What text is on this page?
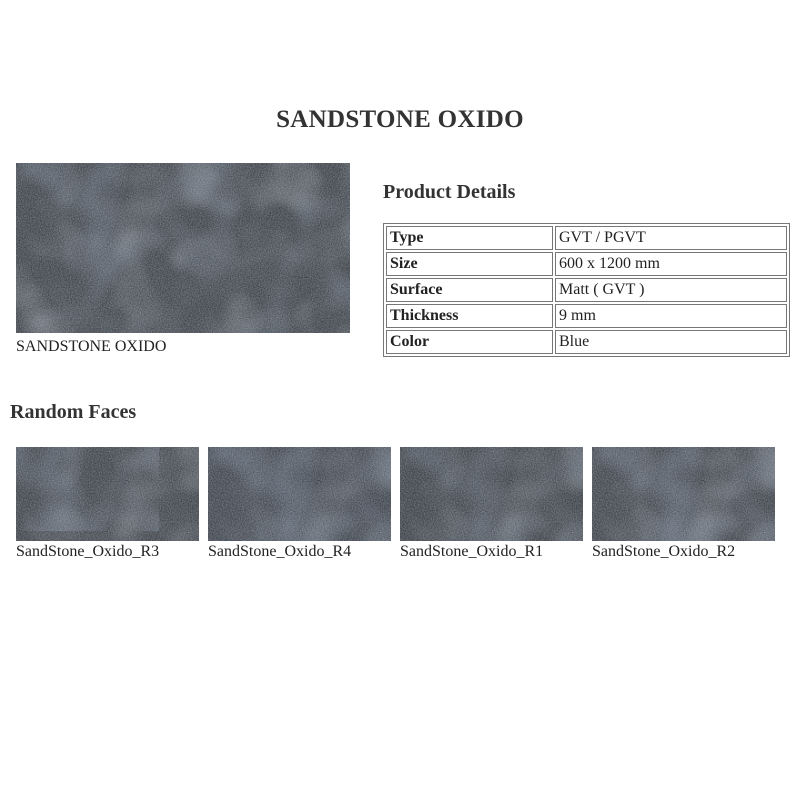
SANDSTONE OXIDO
SANDSTONE OXIDO
Product Details
Type	GVT / PGVT
Size	600 x 1200 mm
Surface	Matt ( GVT )
Thickness	9 mm
Color	Blue
Random Faces
SandStone_Oxido_R3	SandStone_Oxido_R4	SandStone_Oxido_R1	SandStone_Oxido_R2
